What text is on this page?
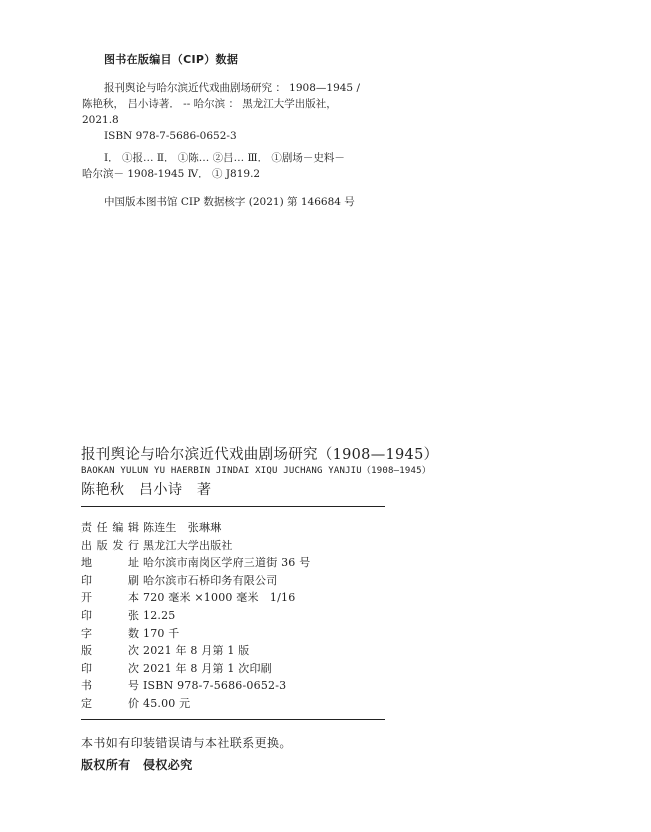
图书在版编目（CIP）数据
报刊舆论与哈尔滨近代戏曲剧场研究 ： 1908—1945 /
陈艳秋， 吕小诗著． -- 哈尔滨 ： 黑龙江大学出版社，
2021.8
ISBN 978-7-5686-0652-3
Ⅰ． ①报… Ⅱ． ①陈… ②吕… Ⅲ． ①剧场－史料－
哈尔滨－ 1908-1945 Ⅳ． ① J819.2
中国版本图书馆 CIP 数据核字 (2021) 第 146684 号
报刊舆论与哈尔滨近代戏曲剧场研究（1908—1945）
BAOKAN YULUN YU HAERBIN JINDAI XIQU JUCHANG YANJIU（1908—1945）
陈艳秋　吕小诗　著
责 任 编 辑 陈连生　张琳琳
出 版 发 行 黑龙江大学出版社
地	址 哈尔滨市南岗区学府三道街 36 号
印	刷 哈尔滨市石桥印务有限公司
开	本 720 毫米 ×1000 毫米　1/16
印	张 12.25
字	数 170 千
版	次 2021 年 8 月第 1 版
印	次 2021 年 8 月第 1 次印刷
书	号 ISBN 978-7-5686-0652-3
定	价 45.00 元
本书如有印装错误请与本社联系更换。
版权所有　侵权必究
